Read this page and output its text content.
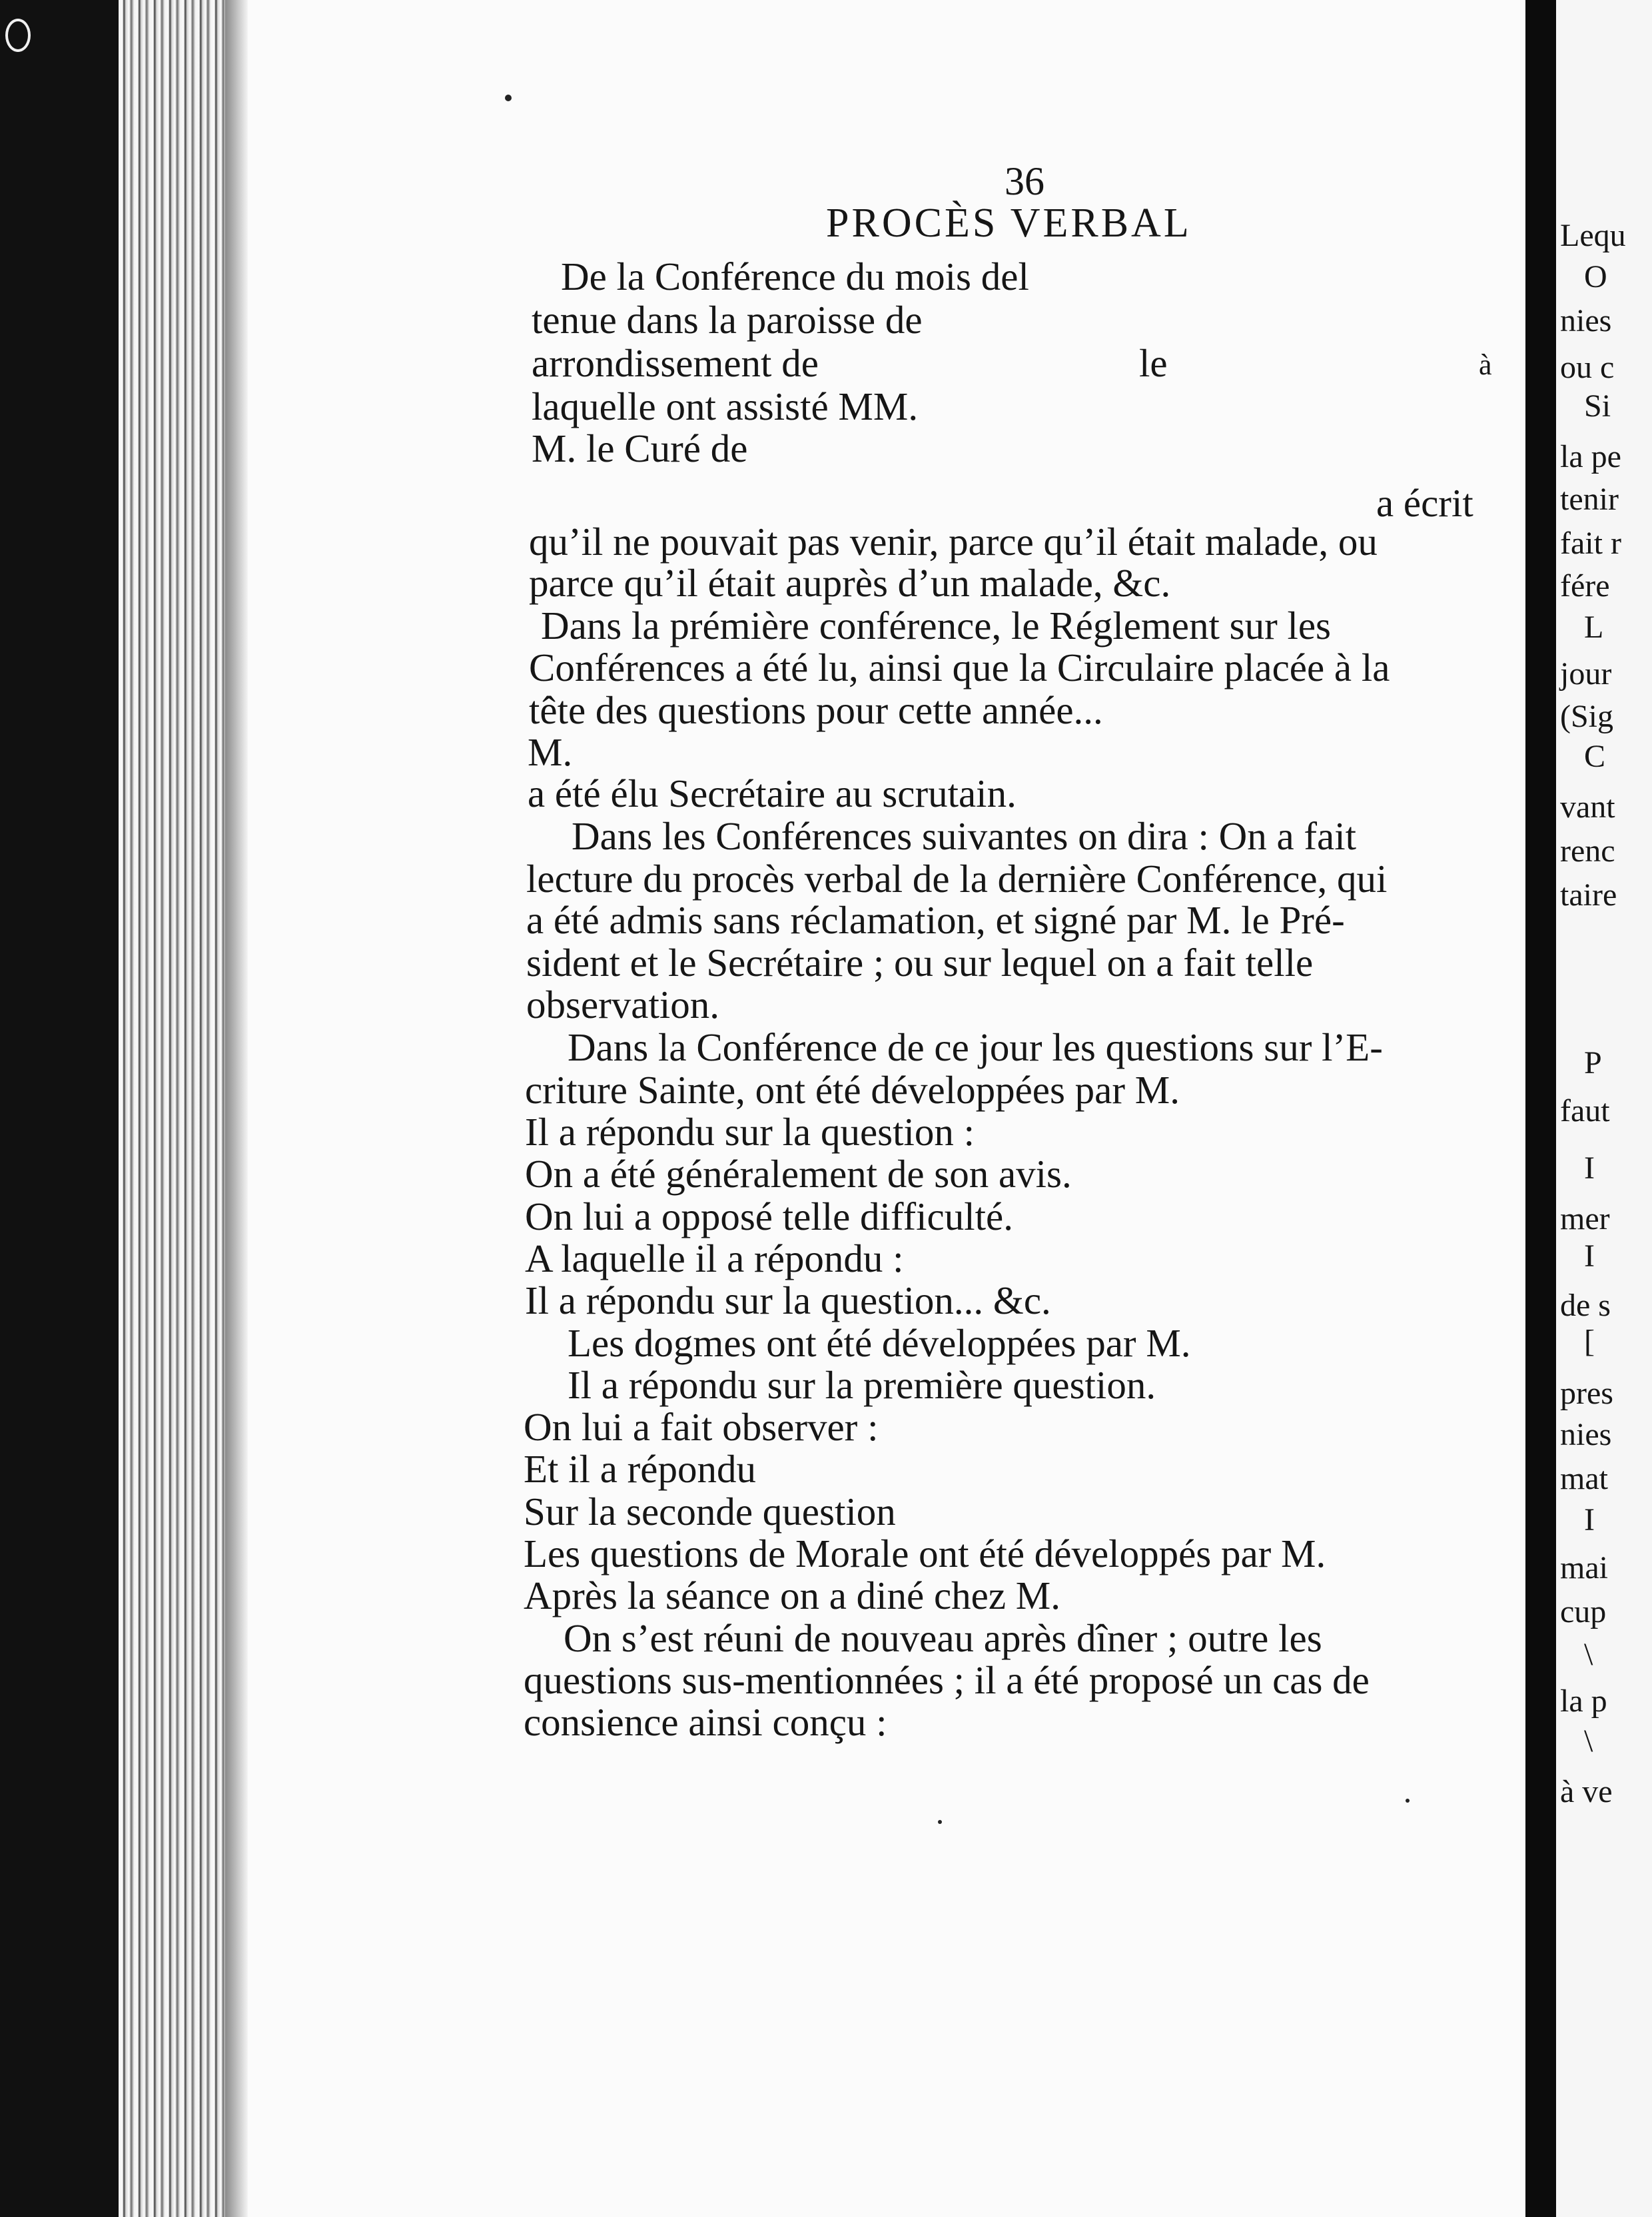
36
PROCÈS VERBAL
De la Conférence du mois del
tenue dans la paroisse de
arrondissement de	le	à
laquelle ont assisté MM.
M. le Curé de
a écrit
qu’il ne pouvait pas venir, parce qu’il était malade, ou
parce qu’il était auprès d’un malade, &c.
Dans la prémière conférence, le Réglement sur les
Conférences a été lu, ainsi que la Circulaire placée à la
tête des questions pour cette année...
M.
a été élu Secrétaire au scrutain.
Dans les Conférences suivantes on dira : On a fait
lecture du procès verbal de la dernière Conférence, qui
a été admis sans réclamation, et signé par M. le Pré-
sident et le Secrétaire ; ou sur lequel on a fait telle
observation.
Dans la Conférence de ce jour les questions sur l’E-
criture Sainte, ont été développées par M.
Il a répondu sur la question :
On a été généralement de son avis.
On lui a opposé telle difficulté.
A laquelle il a répondu :
Il a répondu sur la question... &c.
Les dogmes ont été développées par M.
Il a répondu sur la première question.
On lui a fait observer :
Et il a répondu
Sur la seconde question
Les questions de Morale ont été développés par M.
Après la séance on a diné chez M.
On s’est réuni de nouveau après dîner ; outre les
questions sus-mentionnées ; il a été proposé un cas de
consience ainsi conçu :
Lequ
O
nies
ou c
Si
la pe
tenir
fait r
fére
L
jour
(Sig
C
vant
renc
taire
P
faut
I
mer
I
de s
[
pres
nies
mat
I
mai
cup
\
la p
\
à ve
